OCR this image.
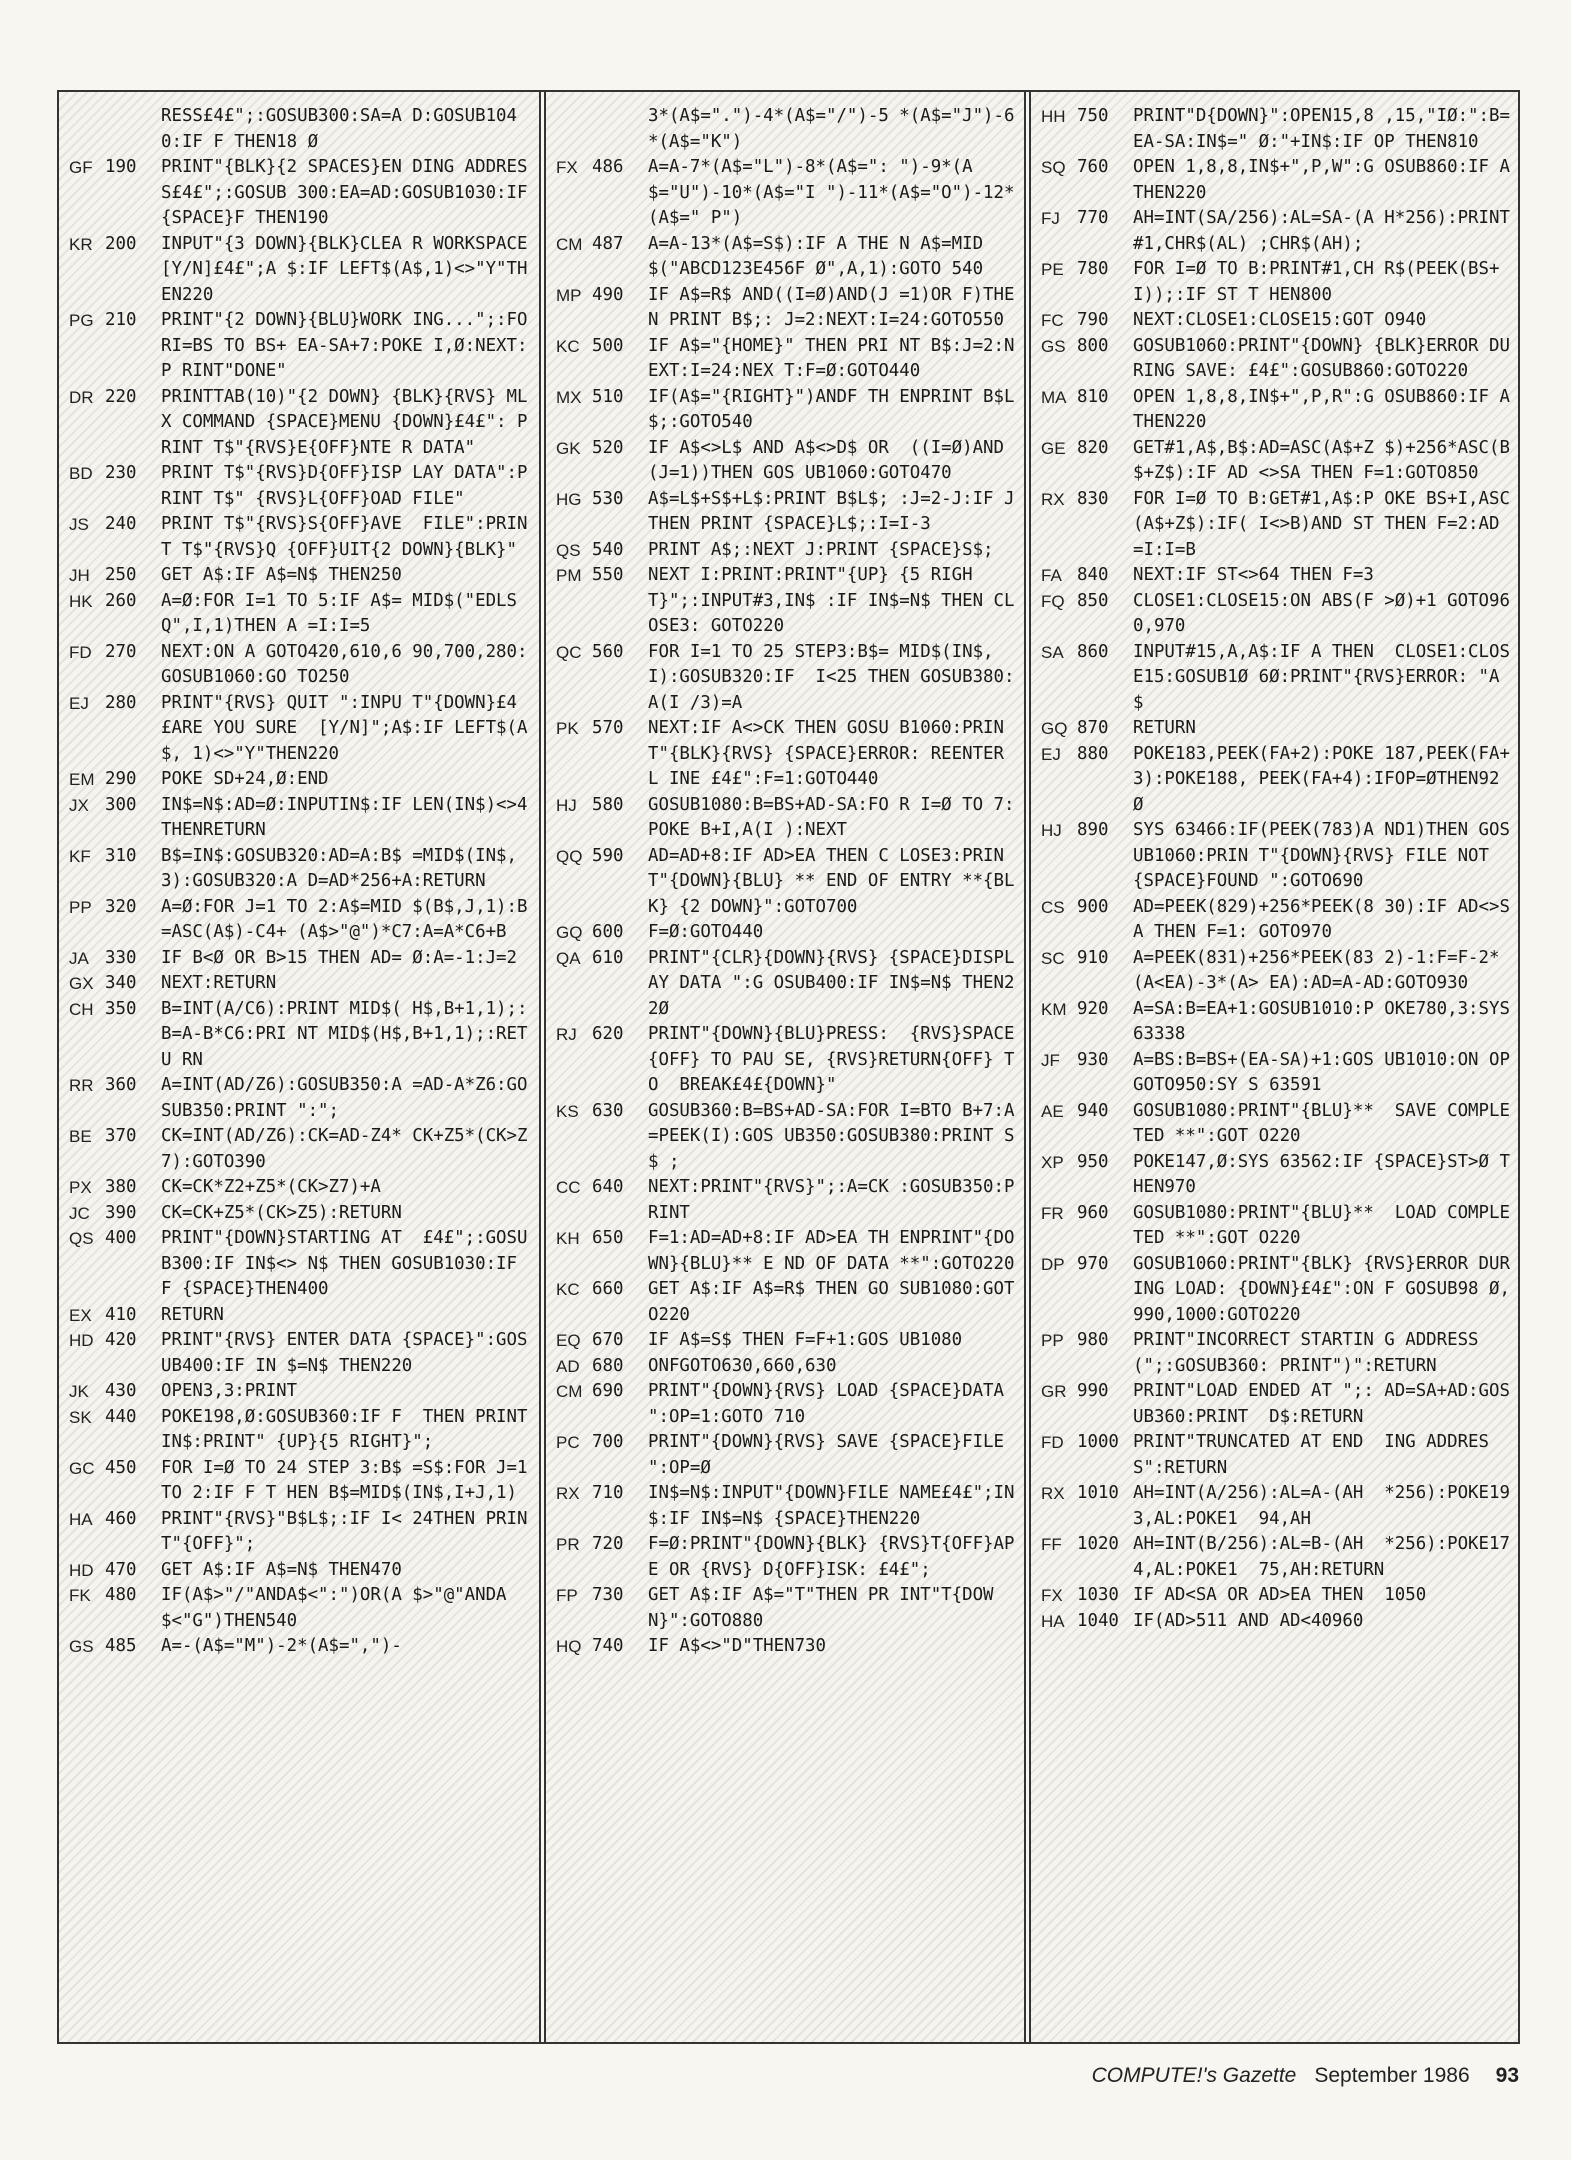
RESS£4£";:GOSUB300:SA=A D:GOSUB1040:IF F THEN18 Ø
GF 190	PRINT"{BLK}{2 SPACES}EN DING ADDRESS£4£";:GOSUB 300:EA=AD:GOSUB1030:IF {SPACE}F THEN190
KR 200	INPUT"{3 DOWN}{BLK}CLEA R WORKSPACE [Y/N]£4£";A $:IF LEFT$(A$,1)<>"Y"TH EN220
PG 210	PRINT"{2 DOWN}{BLU}WORK ING...";:FORI=BS TO BS+ EA-SA+7:POKE I,Ø:NEXT:P RINT"DONE"
DR 220	PRINTTAB(10)"{2 DOWN} {BLK}{RVS} MLX COMMAND {SPACE}MENU {DOWN}£4£": PRINT T$"{RVS}E{OFF}NTE R DATA"
BD 230	PRINT T$"{RVS}D{OFF}ISP LAY DATA":PRINT T$" {RVS}L{OFF}OAD FILE"
JS 240	PRINT T$"{RVS}S{OFF}AVE  FILE":PRINT T$"{RVS}Q {OFF}UIT{2 DOWN}{BLK}"
JH 250	GET A$:IF A$=N$ THEN250
HK 260	A=Ø:FOR I=1 TO 5:IF A$= MID$("EDLSQ",I,1)THEN A =I:I=5
FD 270	NEXT:ON A GOTO420,610,6 90,700,280:GOSUB1060:GO TO250
EJ 280	PRINT"{RVS} QUIT ":INPU T"{DOWN}£4£ARE YOU SURE  [Y/N]";A$:IF LEFT$(A$, 1)<>"Y"THEN220
EM 290	POKE SD+24,Ø:END
JX 300	IN$=N$:AD=Ø:INPUTIN$:IF LEN(IN$)<>4THENRETURN
KF 310	B$=IN$:GOSUB320:AD=A:B$ =MID$(IN$,3):GOSUB320:A D=AD*256+A:RETURN
PP 320	A=Ø:FOR J=1 TO 2:A$=MID $(B$,J,1):B=ASC(A$)-C4+ (A$>"@")*C7:A=A*C6+B
JA 330	IF B<Ø OR B>15 THEN AD= Ø:A=-1:J=2
GX 340	NEXT:RETURN
CH 350	B=INT(A/C6):PRINT MID$( H$,B+1,1);:B=A-B*C6:PRI NT MID$(H$,B+1,1);:RETU RN
RR 360	A=INT(AD/Z6):GOSUB350:A =AD-A*Z6:GOSUB350:PRINT ":";
BE 370	CK=INT(AD/Z6):CK=AD-Z4* CK+Z5*(CK>Z7):GOTO390
PX 380	CK=CK*Z2+Z5*(CK>Z7)+A
JC 390	CK=CK+Z5*(CK>Z5):RETURN
QS 400	PRINT"{DOWN}STARTING AT  £4£";:GOSUB300:IF IN$<> N$ THEN GOSUB1030:IF F {SPACE}THEN400
EX 410	RETURN
HD 420	PRINT"{RVS} ENTER DATA {SPACE}":GOSUB400:IF IN $=N$ THEN220
JK 430	OPEN3,3:PRINT
SK 440	POKE198,Ø:GOSUB360:IF F  THEN PRINT IN$:PRINT" {UP}{5 RIGHT}";
GC 450	FOR I=Ø TO 24 STEP 3:B$ =S$:FOR J=1 TO 2:IF F T HEN B$=MID$(IN$,I+J,1)
HA 460	PRINT"{RVS}"B$L$;:IF I< 24THEN PRINT"{OFF}";
HD 470	GET A$:IF A$=N$ THEN470
FK 480	IF(A$>"/"ANDA$<":")OR(A $>"@"ANDA$<"G")THEN540
GS 485	A=-(A$="M")-2*(A$=",")-
3*(A$=".")-4*(A$="/")-5 *(A$="J")-6*(A$="K")
FX 486	A=A-7*(A$="L")-8*(A$=": ")-9*(A$="U")-10*(A$="I ")-11*(A$="O")-12*(A$=" P")
CM 487	A=A-13*(A$=S$):IF A THE N A$=MID$("ABCD123E456F Ø",A,1):GOTO 540
MP 490	IF A$=R$ AND((I=Ø)AND(J =1)OR F)THEN PRINT B$;: J=2:NEXT:I=24:GOTO550
KC 500	IF A$="{HOME}" THEN PRI NT B$:J=2:NEXT:I=24:NEX T:F=Ø:GOTO440
MX 510	IF(A$="{RIGHT}")ANDF TH ENPRINT B$L$;:GOTO540
GK 520	IF A$<>L$ AND A$<>D$ OR  ((I=Ø)AND(J=1))THEN GOS UB1060:GOTO470
HG 530	A$=L$+S$+L$:PRINT B$L$; :J=2-J:IF J THEN PRINT {SPACE}L$;:I=I-3
QS 540	PRINT A$;:NEXT J:PRINT {SPACE}S$;
PM 550	NEXT I:PRINT:PRINT"{UP} {5 RIGHT}";:INPUT#3,IN$ :IF IN$=N$ THEN CLOSE3: GOTO220
QC 560	FOR I=1 TO 25 STEP3:B$= MID$(IN$,I):GOSUB320:IF  I<25 THEN GOSUB380:A(I /3)=A
PK 570	NEXT:IF A<>CK THEN GOSU B1060:PRINT"{BLK}{RVS} {SPACE}ERROR: REENTER L INE £4£":F=1:GOTO440
HJ 580	GOSUB1080:B=BS+AD-SA:FO R I=Ø TO 7:POKE B+I,A(I ):NEXT
QQ 590	AD=AD+8:IF AD>EA THEN C LOSE3:PRINT"{DOWN}{BLU} ** END OF ENTRY **{BLK} {2 DOWN}":GOTO700
GQ 600	F=Ø:GOTO440
QA 610	PRINT"{CLR}{DOWN}{RVS} {SPACE}DISPLAY DATA ":G OSUB400:IF IN$=N$ THEN2 2Ø
RJ 620	PRINT"{DOWN}{BLU}PRESS:  {RVS}SPACE{OFF} TO PAU SE, {RVS}RETURN{OFF} TO  BREAK£4£{DOWN}"
KS 630	GOSUB360:B=BS+AD-SA:FOR I=BTO B+7:A=PEEK(I):GOS UB350:GOSUB380:PRINT S$ ;
CC 640	NEXT:PRINT"{RVS}";:A=CK :GOSUB350:PRINT
KH 650	F=1:AD=AD+8:IF AD>EA TH ENPRINT"{DOWN}{BLU}** E ND OF DATA **":GOTO220
KC 660	GET A$:IF A$=R$ THEN GO SUB1080:GOTO220
EQ 670	IF A$=S$ THEN F=F+1:GOS UB1080
AD 680	ONFGOTO630,660,630
CM 690	PRINT"{DOWN}{RVS} LOAD {SPACE}DATA ":OP=1:GOTO 710
PC 700	PRINT"{DOWN}{RVS} SAVE {SPACE}FILE ":OP=Ø
RX 710	IN$=N$:INPUT"{DOWN}FILE NAME£4£";IN$:IF IN$=N$ {SPACE}THEN220
PR 720	F=Ø:PRINT"{DOWN}{BLK} {RVS}T{OFF}APE OR {RVS} D{OFF}ISK: £4£";
FP 730	GET A$:IF A$="T"THEN PR INT"T{DOWN}":GOTO880
HQ 740	IF A$<>"D"THEN730
HH 750	PRINT"D{DOWN}":OPEN15,8 ,15,"IØ:":B=EA-SA:IN$=" Ø:"+IN$:IF OP THEN810
SQ 760	OPEN 1,8,8,IN$+",P,W":G OSUB860:IF A THEN220
FJ 770	AH=INT(SA/256):AL=SA-(A H*256):PRINT#1,CHR$(AL) ;CHR$(AH);
PE 780	FOR I=Ø TO B:PRINT#1,CH R$(PEEK(BS+I));:IF ST T HEN800
FC 790	NEXT:CLOSE1:CLOSE15:GOT O940
GS 800	GOSUB1060:PRINT"{DOWN} {BLK}ERROR DURING SAVE: £4£":GOSUB860:GOTO220
MA 810	OPEN 1,8,8,IN$+",P,R":G OSUB860:IF A THEN220
GE 820	GET#1,A$,B$:AD=ASC(A$+Z $)+256*ASC(B$+Z$):IF AD <>SA THEN F=1:GOTO850
RX 830	FOR I=Ø TO B:GET#1,A$:P OKE BS+I,ASC(A$+Z$):IF( I<>B)AND ST THEN F=2:AD =I:I=B
FA 840	NEXT:IF ST<>64 THEN F=3
FQ 850	CLOSE1:CLOSE15:ON ABS(F >Ø)+1 GOTO960,970
SA 860	INPUT#15,A,A$:IF A THEN  CLOSE1:CLOSE15:GOSUB1Ø 6Ø:PRINT"{RVS}ERROR: "A $
GQ 870	RETURN
EJ 880	POKE183,PEEK(FA+2):POKE 187,PEEK(FA+3):POKE188, PEEK(FA+4):IFOP=ØTHEN92 Ø
HJ 890	SYS 63466:IF(PEEK(783)A ND1)THEN GOSUB1060:PRIN T"{DOWN}{RVS} FILE NOT {SPACE}FOUND ":GOTO690
CS 900	AD=PEEK(829)+256*PEEK(8 30):IF AD<>SA THEN F=1: GOTO970
SC 910	A=PEEK(831)+256*PEEK(83 2)-1:F=F-2*(A<EA)-3*(A> EA):AD=A-AD:GOTO930
KM 920	A=SA:B=EA+1:GOSUB1010:P OKE780,3:SYS 63338
JF 930	A=BS:B=BS+(EA-SA)+1:GOS UB1010:ON OP GOTO950:SY S 63591
AE 940	GOSUB1080:PRINT"{BLU}**  SAVE COMPLETED **":GOT O220
XP 950	POKE147,Ø:SYS 63562:IF {SPACE}ST>Ø THEN970
FR 960	GOSUB1080:PRINT"{BLU}**  LOAD COMPLETED **":GOT O220
DP 970	GOSUB1060:PRINT"{BLK} {RVS}ERROR DURING LOAD: {DOWN}£4£":ON F GOSUB98 Ø,990,1000:GOTO220
PP 980	PRINT"INCORRECT STARTIN G ADDRESS (";:GOSUB360: PRINT")":RETURN
GR 990	PRINT"LOAD ENDED AT ";: AD=SA+AD:GOSUB360:PRINT  D$:RETURN
FD 1000 PRINT"TRUNCATED AT END  ING ADDRESS":RETURN
RX 1010 AH=INT(A/256):AL=A-(AH  *256):POKE193,AL:POKE1  94,AH
FF 1020 AH=INT(B/256):AL=B-(AH  *256):POKE174,AL:POKE1  75,AH:RETURN
FX 1030 IF AD<SA OR AD>EA THEN  1050
HA 1040 IF(AD>511 AND AD<40960
COMPUTE!'s Gazette September 1986 93
